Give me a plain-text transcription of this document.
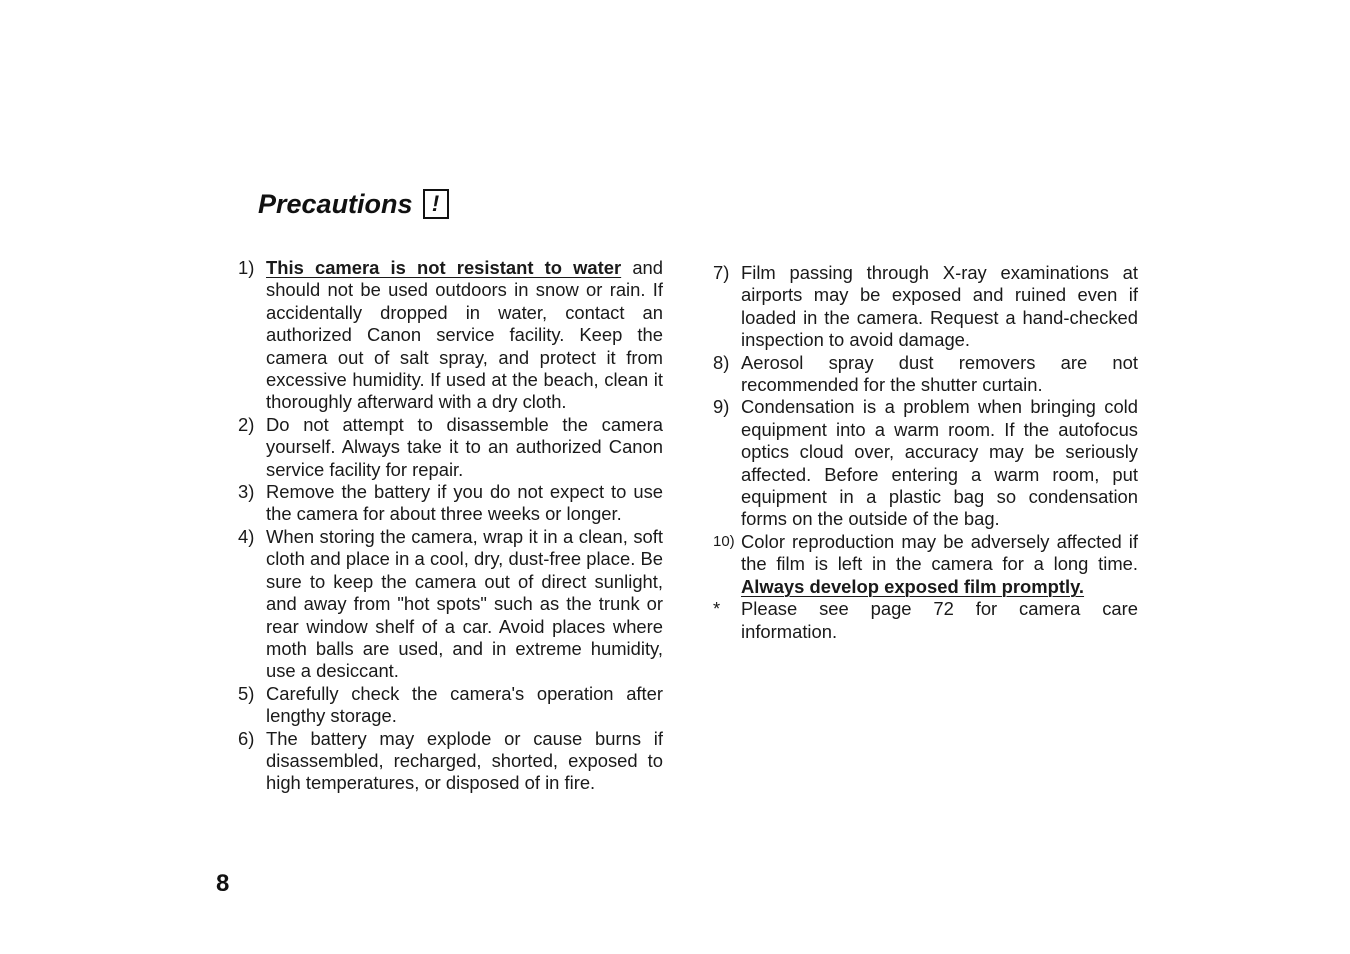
Precautions !
1) This camera is not resistant to water and should not be used outdoors in snow or rain. If accidentally dropped in water, contact an authorized Canon service facility. Keep the camera out of salt spray, and protect it from excessive humidity. If used at the beach, clean it thoroughly afterward with a dry cloth.
2) Do not attempt to disassemble the camera yourself. Always take it to an authorized Canon service facility for repair.
3) Remove the battery if you do not expect to use the camera for about three weeks or longer.
4) When storing the camera, wrap it in a clean, soft cloth and place in a cool, dry, dust-free place. Be sure to keep the camera out of direct sunlight, and away from "hot spots" such as the trunk or rear window shelf of a car. Avoid places where moth balls are used, and in extreme humidity, use a desiccant.
5) Carefully check the camera's operation after lengthy storage.
6) The battery may explode or cause burns if disassembled, recharged, shorted, exposed to high temperatures, or disposed of in fire.
7) Film passing through X-ray examinations at airports may be exposed and ruined even if loaded in the camera. Request a hand-checked inspection to avoid damage.
8) Aerosol spray dust removers are not recommended for the shutter curtain.
9) Condensation is a problem when bringing cold equipment into a warm room. If the autofocus optics cloud over, accuracy may be seriously affected. Before entering a warm room, put equipment in a plastic bag so condensation forms on the outside of the bag.
10) Color reproduction may be adversely affected if the film is left in the camera for a long time. Always develop exposed film promptly.
*	Please see page 72 for camera care information.

8
